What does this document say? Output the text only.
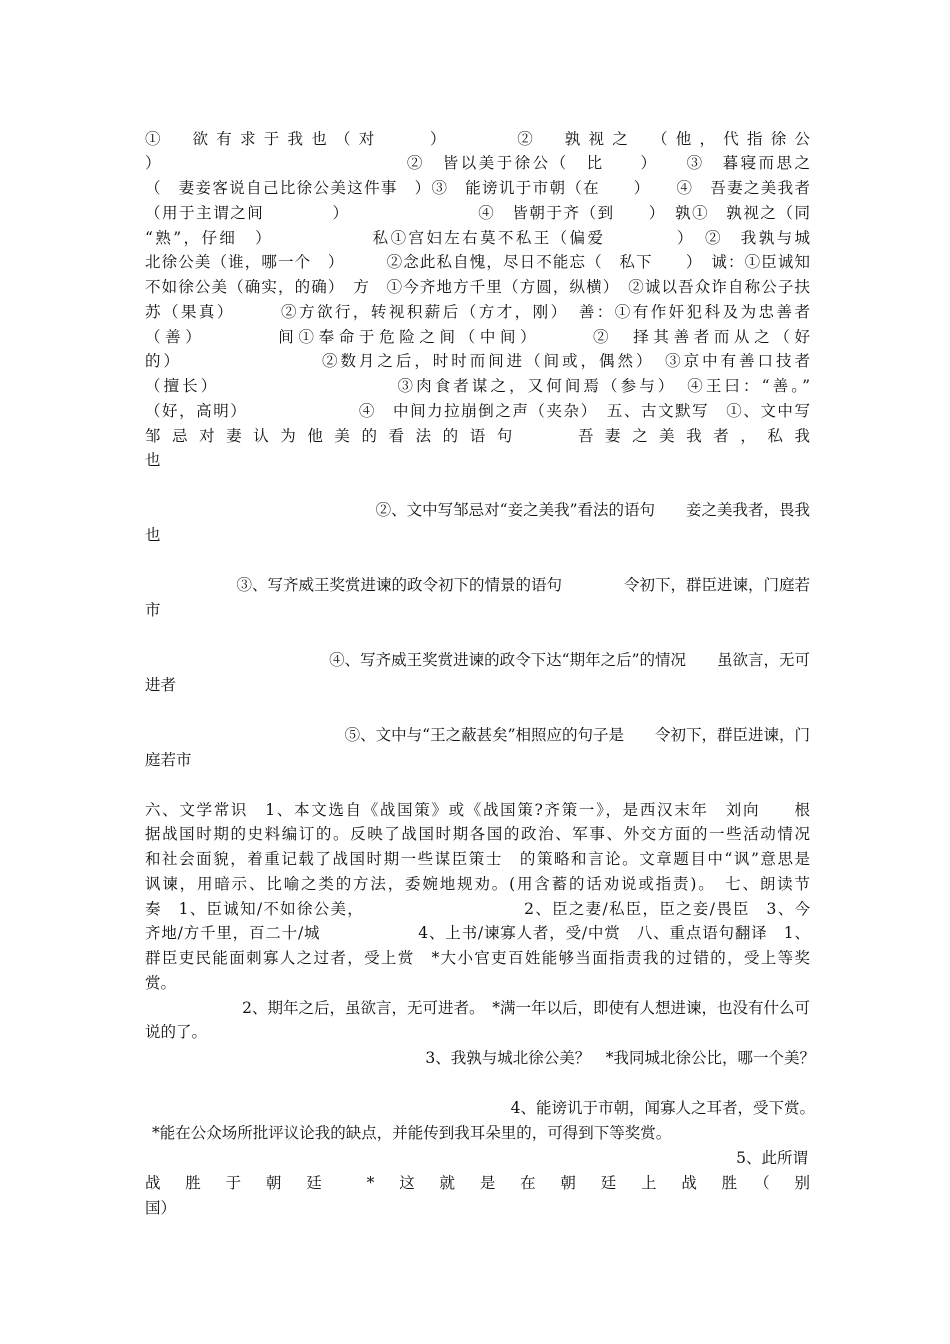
①　欲有求于我也（对　　）　　　②　孰视之　（他，代指徐公
）　　　　　　　　　　　　　　②　皆以美于徐公（　比　　）　　③　暮寝而思之
（　妻妾客说自己比徐公美这件事　）③　能谤讥于市朝（在　　）　　④　吾妻之美我者
（用于主谓之间　　　　）　　　　　　　　④　皆朝于齐（到　　）　孰①　孰视之（同
“熟”，仔细　）　　　　　　私①宫妇左右莫不私王（偏爱　　　　）　②　我孰与城
北徐公美（谁，哪一个　）　　　②念此私自愧，尽日不能忘（　私下　　）　诚：①臣诚知
不如徐公美（确实，的确）　方　①今齐地方千里（方圆，纵横）　②诚以吾众诈自称公子扶
苏（果真）　　　②方欲行，转视积薪后（方才，刚）　善：①有作奸犯科及为忠善者
（善）　　　　间①奉命于危险之间（中间）　　　②　择其善者而从之（好
的）　　　　　　　　②数月之后，时时而间进（间或，偶然）　③京中有善口技者
（擅长）　　　　　　　　　　③肉食者谋之，又何间焉（参与）　④王曰：“善。”
（好，高明）　　　　　　　④　中间力拉崩倒之声（夹杂）　五、古文默写　①、文中写
邹忌对妻认为他美的看法的语句　　吾妻之美我者，私我
也
②、文中写邹忌对“妾之美我”看法的语句　　妾之美我者，畏我
也
③、写齐威王奖赏进谏的政令初下的情景的语句　　　　令初下，群臣进谏，门庭若
市
④、写齐威王奖赏进谏的政令下达“期年之后”的情况　　虽欲言，无可
进者
⑤、文中与“王之蔽甚矣”相照应的句子是　　令初下，群臣进谏，门
庭若市
六、文学常识　1、本文选自《战国策》或《战国策?齐策一》，是西汉末年　刘向　　根
据战国时期的史料编订的。反映了战国时期各国的政治、军事、外交方面的一些活动情况
和社会面貌，着重记载了战国时期一些谋臣策士　的策略和言论。文章题目中“讽”意思是
讽谏，用暗示、比喻之类的方法，委婉地规劝。(用含蓄的话劝说或指责)。　七、朗读节
奏　1、臣诚知/不如徐公美，　　　　　　　　　　2、臣之妻/私臣，臣之妾/畏臣　3、今
齐地/方千里，百二十/城　　　　　　4、上书/谏寡人者，受/中赏　八、重点语句翻译　1、
群臣吏民能面刺寡人之过者，受上赏　*大小官吏百姓能够当面指责我的过错的，受上等奖
赏。
2、期年之后，虽欲言，无可进者。　*满一年以后，即使有人想进谏，也没有什么可
说的了。
3、我孰与城北徐公美？　*我同城北徐公比，哪一个美？
4、能谤讥于市朝，闻寡人之耳者，受下赏。
*能在公众场所批评议论我的缺点，并能传到我耳朵里的，可得到下等奖赏。
5、此所谓
战　胜　于　朝　廷　　*　这　就　是　在　朝　廷　上　战　胜　（　别
国）
